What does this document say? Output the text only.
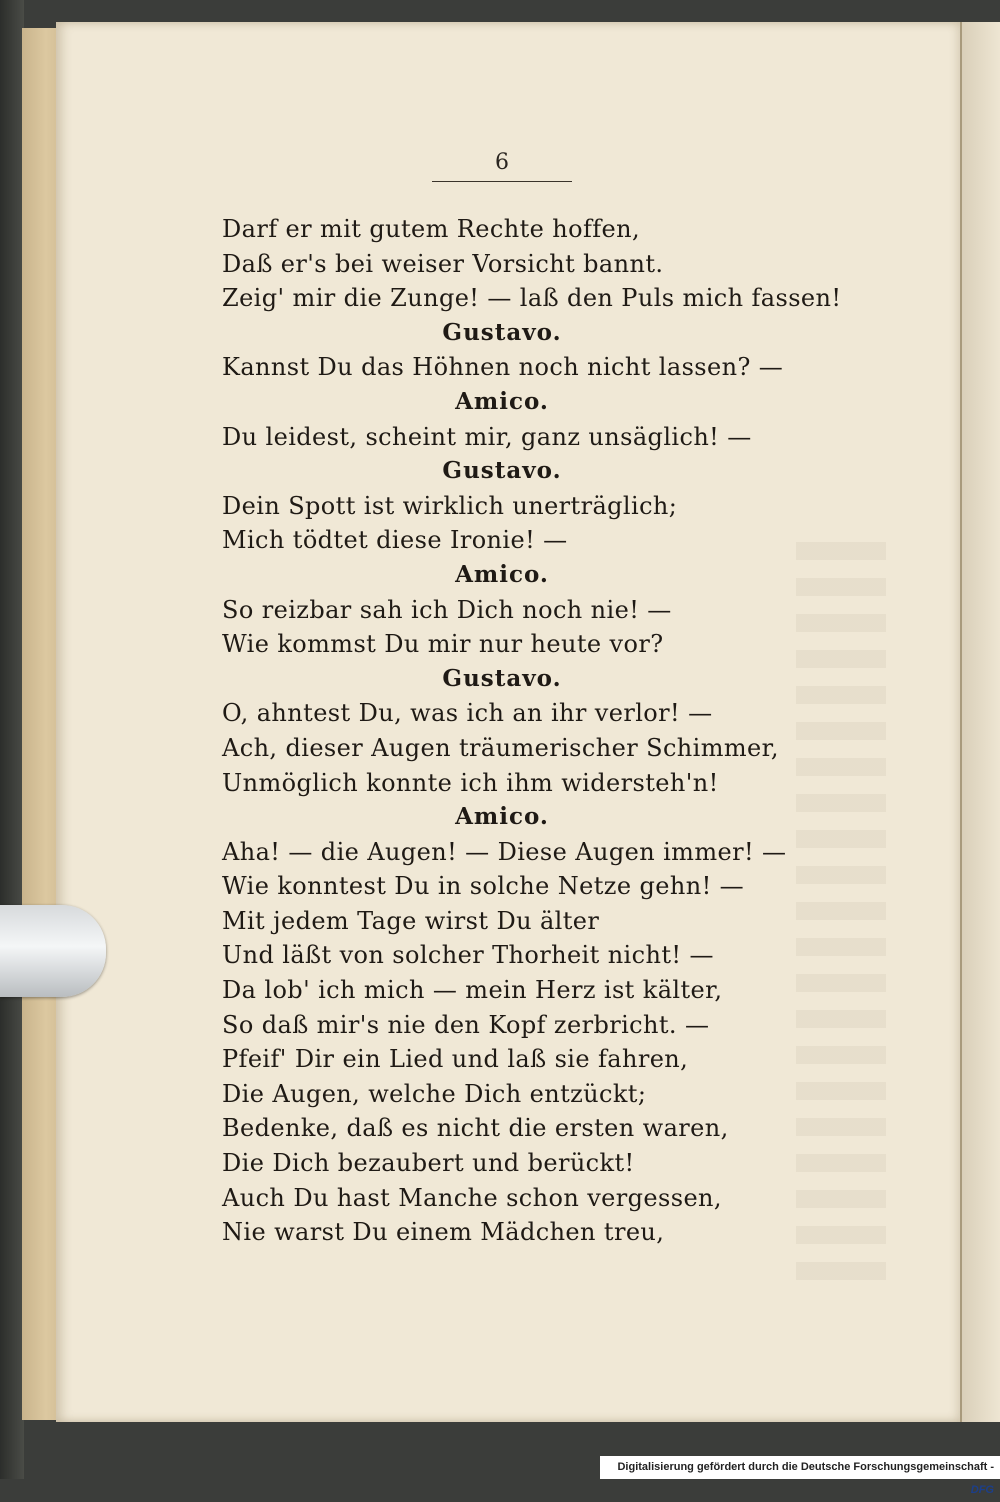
6
Darf er mit gutem Rechte hoffen,
Daß er's bei weiser Vorsicht bannt.
Zeig' mir die Zunge! — laß den Puls mich fassen!
Gustavo.
Kannst Du das Höhnen noch nicht lassen? —
Amico.
Du leidest, scheint mir, ganz unsäglich! —
Gustavo.
Dein Spott ist wirklich unerträglich;
Mich tödtet diese Ironie! —
Amico.
So reizbar sah ich Dich noch nie! —
Wie kommst Du mir nur heute vor?
Gustavo.
O, ahntest Du, was ich an ihr verlor! —
Ach, dieser Augen träumerischer Schimmer,
Unmöglich konnte ich ihm widersteh'n!
Amico.
Aha! — die Augen! — Diese Augen immer! —
Wie konntest Du in solche Netze gehn! —
Mit jedem Tage wirst Du älter
Und läßt von solcher Thorheit nicht! —
Da lob' ich mich — mein Herz ist kälter,
So daß mir's nie den Kopf zerbricht. —
Pfeif' Dir ein Lied und laß sie fahren,
Die Augen, welche Dich entzückt;
Bedenke, daß es nicht die ersten waren,
Die Dich bezaubert und berückt!
Auch Du hast Manche schon vergessen,
Nie warst Du einem Mädchen treu,
Digitalisierung gefördert durch die Deutsche Forschungsgemeinschaft - DFG
